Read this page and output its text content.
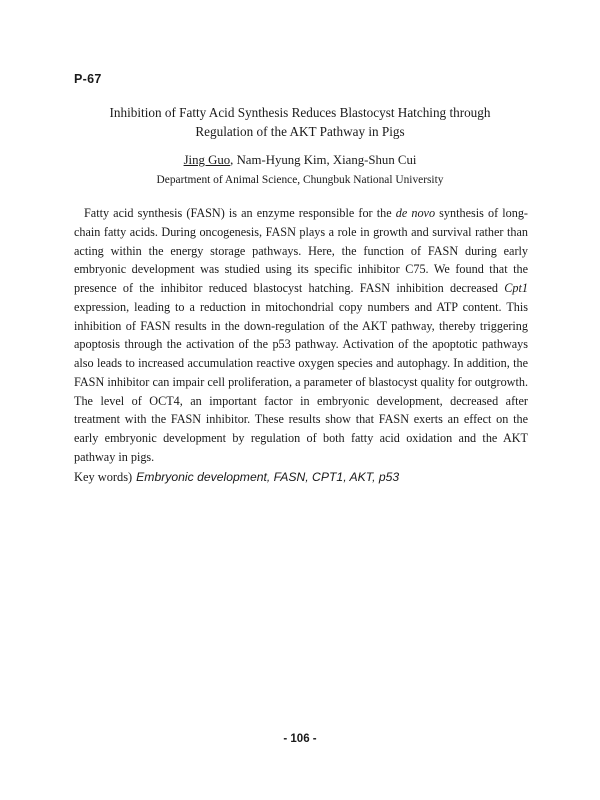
P-67
Inhibition of Fatty Acid Synthesis Reduces Blastocyst Hatching through
Regulation of the AKT Pathway in Pigs
Jing Guo, Nam-Hyung Kim, Xiang-Shun Cui
Department of Animal Science, Chungbuk National University

Fatty acid synthesis (FASN) is an enzyme responsible for the de novo synthesis of long-chain fatty acids. During oncogenesis, FASN plays a role in growth and survival rather than acting within the energy storage pathways. Here, the function of FASN during early embryonic development was studied using its specific inhibitor C75. We found that the presence of the inhibitor reduced blastocyst hatching. FASN inhibition decreased Cpt1 expression, leading to a reduction in mitochondrial copy numbers and ATP content. This inhibition of FASN results in the down-regulation of the AKT pathway, thereby triggering apoptosis through the activation of the p53 pathway. Activation of the apoptotic pathways also leads to increased accumulation reactive oxygen species and autophagy. In addition, the FASN inhibitor can impair cell proliferation, a parameter of blastocyst quality for outgrowth. The level of OCT4, an important factor in embryonic development, decreased after treatment with the FASN inhibitor. These results show that FASN exerts an effect on the early embryonic development by regulation of both fatty acid oxidation and the AKT pathway in pigs.

Key words) Embryonic development, FASN, CPT1, AKT, p53
- 106 -
